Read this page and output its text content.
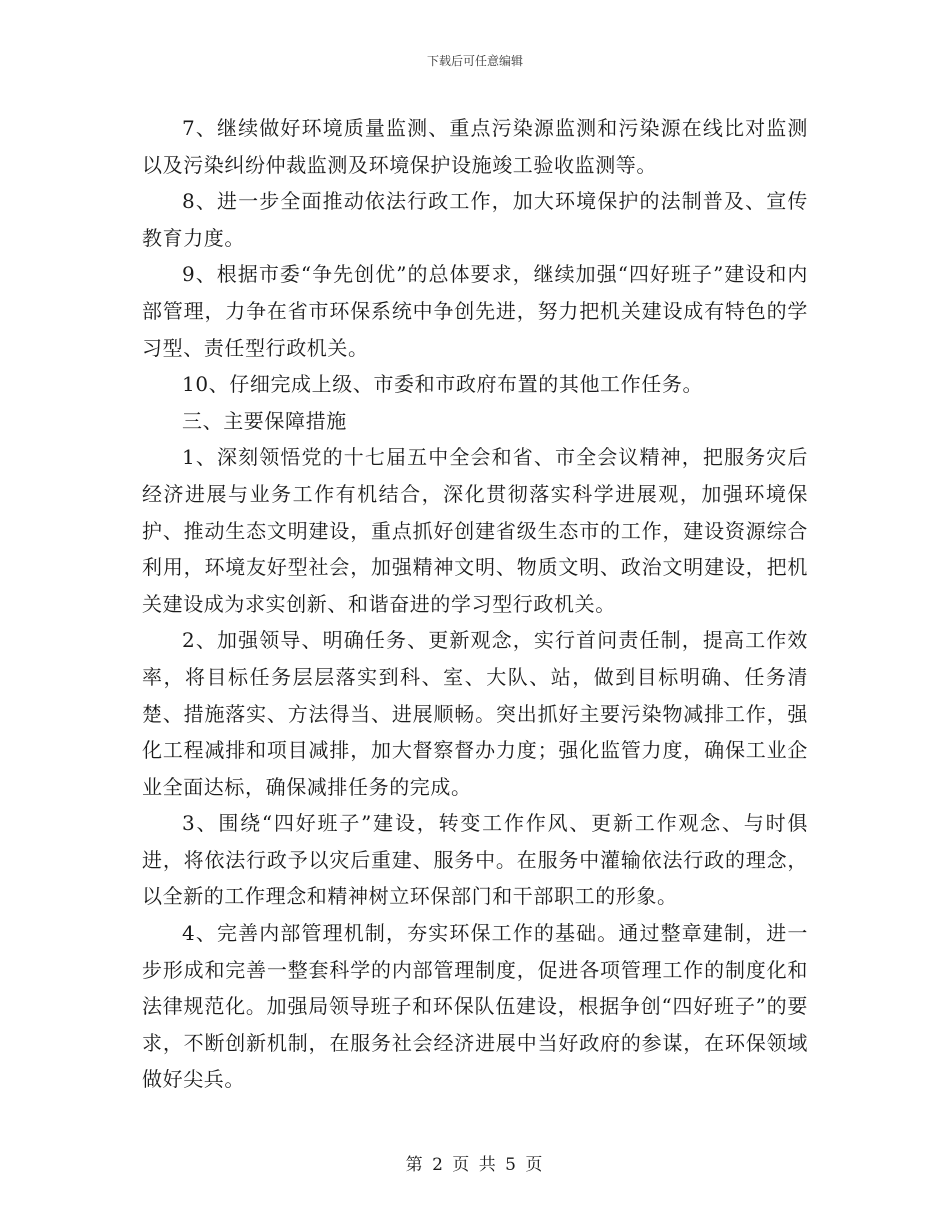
下载后可任意编辑

7、继续做好环境质量监测、重点污染源监测和污染源在线比对监测以及污染纠纷仲裁监测及环境保护设施竣工验收监测等。

8、进一步全面推动依法行政工作，加大环境保护的法制普及、宣传教育力度。

9、根据市委“争先创优”的总体要求，继续加强“四好班子”建设和内部管理，力争在省市环保系统中争创先进，努力把机关建设成有特色的学习型、责任型行政机关。

10、仔细完成上级、市委和市政府布置的其他工作任务。

三、主要保障措施

1、深刻领悟党的十七届五中全会和省、市全会议精神，把服务灾后经济进展与业务工作有机结合，深化贯彻落实科学进展观，加强环境保护、推动生态文明建设，重点抓好创建省级生态市的工作，建设资源综合利用，环境友好型社会，加强精神文明、物质文明、政治文明建设，把机关建设成为求实创新、和谐奋进的学习型行政机关。

2、加强领导、明确任务、更新观念，实行首问责任制，提高工作效率，将目标任务层层落实到科、室、大队、站，做到目标明确、任务清楚、措施落实、方法得当、进展顺畅。突出抓好主要污染物减排工作，强化工程减排和项目减排，加大督察督办力度；强化监管力度，确保工业企业全面达标，确保减排任务的完成。

3、围绕“四好班子”建设，转变工作作风、更新工作观念、与时俱进，将依法行政予以灾后重建、服务中。在服务中灌输依法行政的理念，以全新的工作理念和精神树立环保部门和干部职工的形象。

4、完善内部管理机制，夯实环保工作的基础。通过整章建制，进一步形成和完善一整套科学的内部管理制度，促进各项管理工作的制度化和法律规范化。加强局领导班子和环保队伍建设，根据争创“四好班子”的要求，不断创新机制，在服务社会经济进展中当好政府的参谋，在环保领域做好尖兵。

第 2 页 共 5 页
